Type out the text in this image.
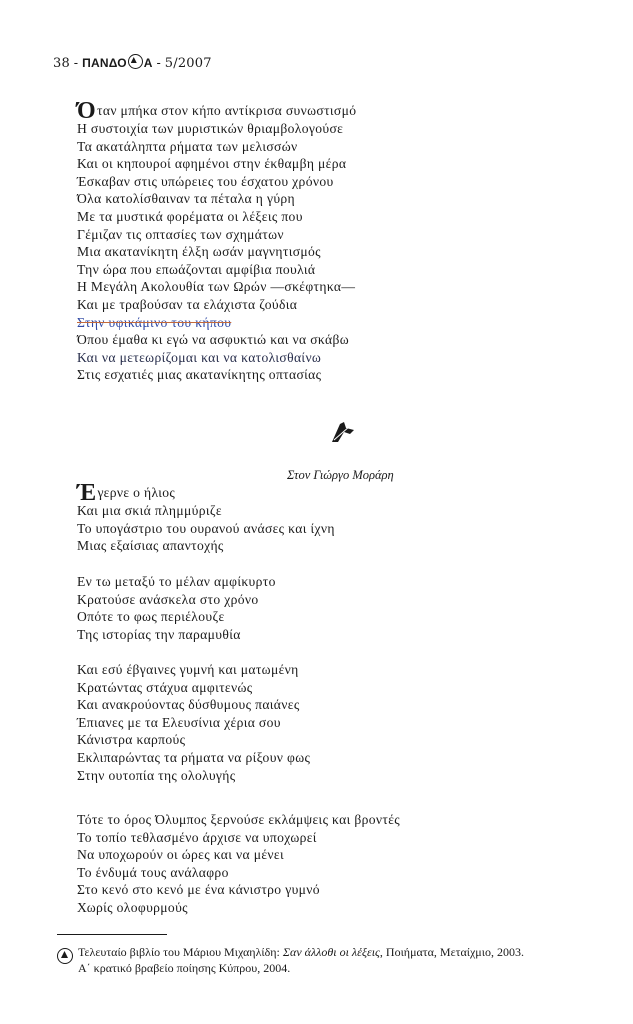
38 - ΠΑΝΔΟ Α - 5/2007
Όταν μπήκα στον κήπο αντίκρισα συνωστισμό
Η συστοιχία των μυριστικών θριαμβολογούσε
Τα ακατάληπτα ρήματα των μελισσών
Και οι κηπουροί αφημένοι στην έκθαμβη μέρα
Έσκαβαν στις υπώρειες του έσχατου χρόνου
Όλα κατολίσθαιναν τα πέταλα η γύρη
Με τα μυστικά φορέματα οι λέξεις που
Γέμιζαν τις οπτασίες των σχημάτων
Μια ακατανίκητη έλξη ωσάν μαγνητισμός
Την ώρα που επωάζονται αμφίβια πουλιά
Η Μεγάλη Ακολουθία των Ωρών —σκέφτηκα—
Και με τραβούσαν τα ελάχιστα ζούδια
Στην υφικάμινο του κήπου
Όπου έμαθα κι εγώ να ασφυκτιώ και να σκάβω
Και να μετεωρίζομαι και να κατολισθαίνω
Στις εσχατιές μιας ακατανίκητης οπτασίας
Στον Γιώργο Μοράρη
Έγερνε ο ήλιος
Και μια σκιά πλημμύριζε
Το υπογάστριο του ουρανού ανάσες και ίχνη
Μιας εξαίσιας απαντοχής
Εν τω μεταξύ το μέλαν αμφίκυρτο
Κρατούσε ανάσκελα στο χρόνο
Οπότε το φως περιέλουζε
Της ιστορίας την παραμυθία
Και εσύ έβγαινες γυμνή και ματωμένη
Κρατώντας στάχυα αμφιτενώς
Και ανακρούοντας δύσθυμους παιάνες
Έπιανες με τα Ελευσίνια χέρια σου
Κάνιστρα καρπούς
Εκλιπαρώντας τα ρήματα να ρίξουν φως
Στην ουτοπία της ολολυγής
Τότε το όρος Όλυμπος ξερνούσε εκλάμψεις και βροντές
Το τοπίο τεθλασμένο άρχισε να υποχωρεί
Να υποχωρούν οι ώρες και να μένει
Το ένδυμά τους ανάλαφρο
Στο κενό στο κενό με ένα κάνιστρο γυμνό
Χωρίς ολοφυρμούς
Τελευταίο βιβλίο του Μάριου Μιχαηλίδη: Σαν άλλοθι οι λέξεις, Ποιήματα, Μεταίχμιο, 2003.
Α΄ κρατικό βραβείο ποίησης Κύπρου, 2004.
